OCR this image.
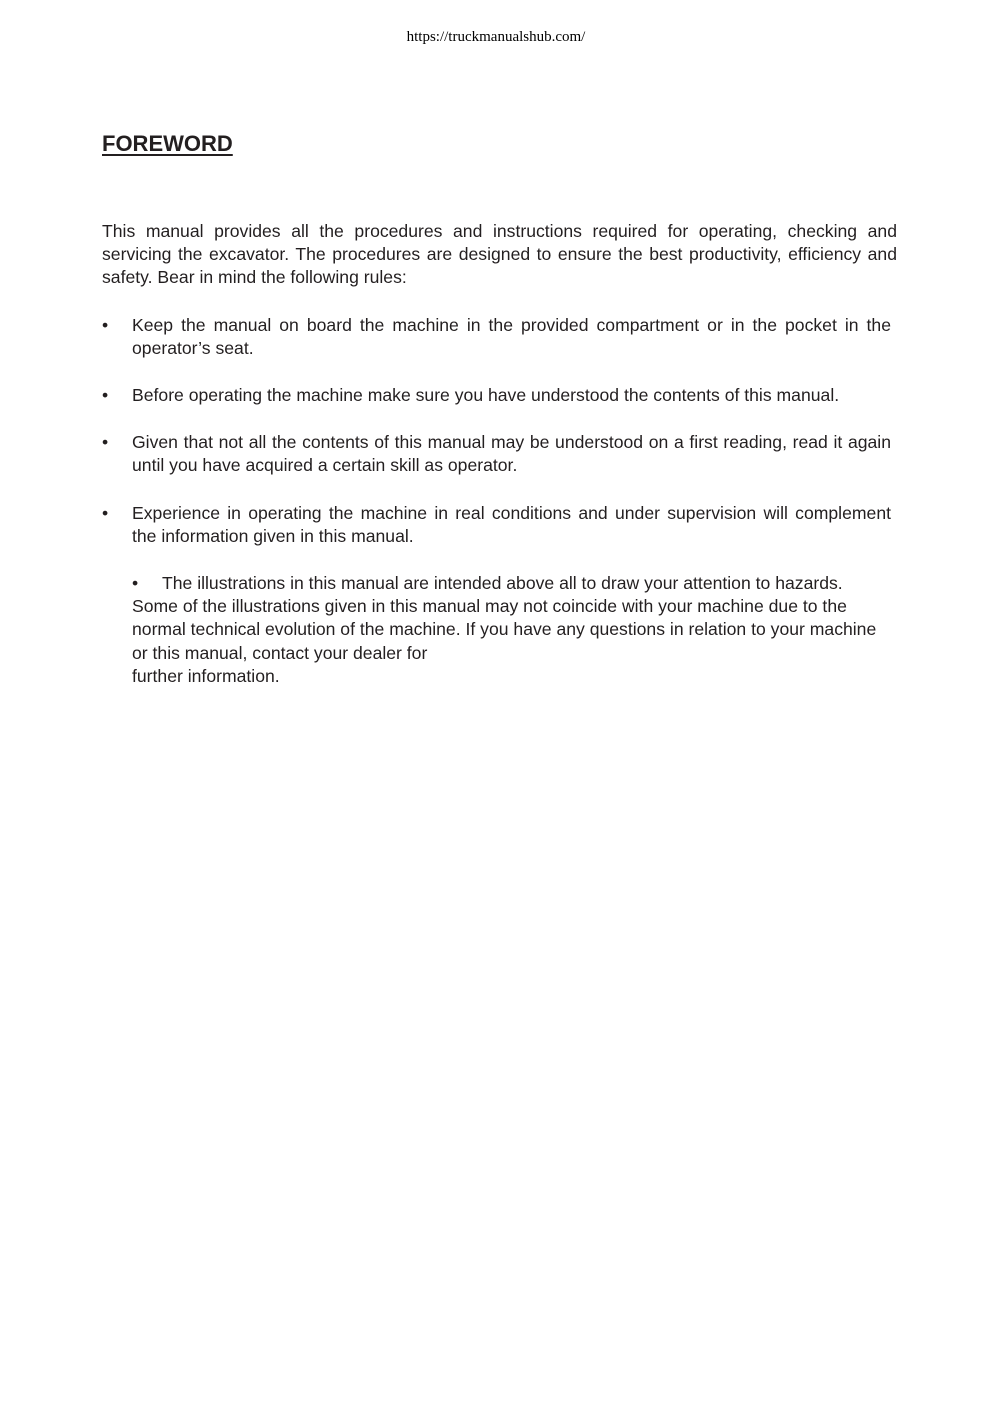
https://truckmanualshub.com/
FOREWORD

This manual provides all the procedures and instructions required for operating, checking and servicing the excavator. The procedures are designed to ensure the best productivity, efficiency and safety. Bear in mind the following rules:

•	Keep the manual on board the machine in the provided compartment or in the pocket in the operator’s seat.
•	Before operating the machine make sure you have understood the contents of this manual.
•	Given that not all the contents of this manual may be understood on a first reading, read it again until you have acquired a certain skill as operator.
•	Experience in operating the machine in real conditions and under supervision will complement the information given in this manual.
•	The illustrations in this manual are intended above all to draw your attention to hazards.

Some of the illustrations given in this manual may not coincide with your machine due to the normal technical evolution of the machine. If you have any questions in relation to your machine or this manual, contact your dealer for
further information.
